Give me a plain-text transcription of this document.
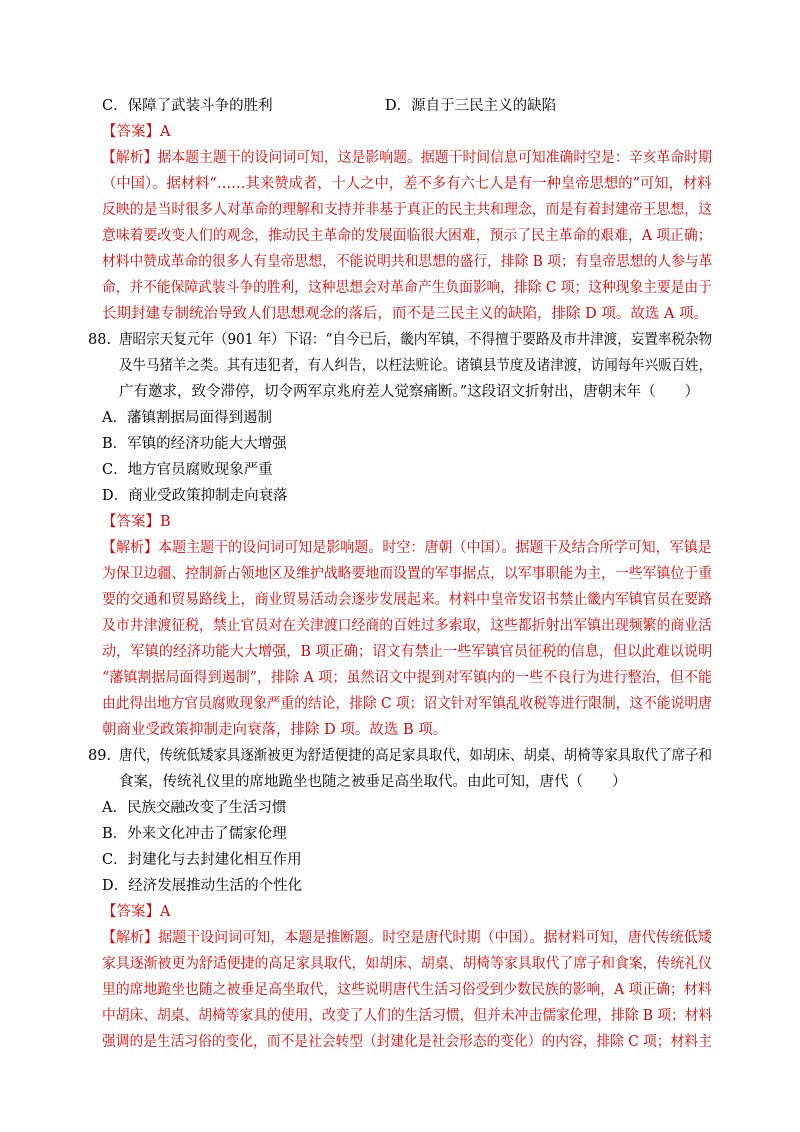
C．保障了武装斗争的胜利	D．源自于三民主义的缺陷
【答案】A
【解析】据本题主题干的设问词可知，这是影响题。据题干时间信息可知准确时空是：辛亥革命时期
（中国）。据材料“……其来赞成者，十人之中，差不多有六七人是有一种皇帝思想的”可知，材料
反映的是当时很多人对革命的理解和支持并非基于真正的民主共和理念，而是有着封建帝王思想，这
意味着要改变人们的观念，推动民主革命的发展面临很大困难，预示了民主革命的艰难，A 项正确；
材料中赞成革命的很多人有皇帝思想，不能说明共和思想的盛行，排除 B 项；有皇帝思想的人参与革
命，并不能保障武装斗争的胜利，这种思想会对革命产生负面影响，排除 C 项；这种现象主要是由于
长期封建专制统治导致人们思想观念的落后，而不是三民主义的缺陷，排除 D 项。故选 A 项。
88. 唐昭宗天复元年（901 年）下诏：“自今已后，畿内军镇，不得擅于要路及市井津渡，妄置率税杂物
及牛马猪羊之类。其有违犯者，有人纠告，以枉法赃论。诸镇县节度及诸津渡，访闻每年兴贩百姓，
广有邀求，致令滞停，切令两军京兆府差人觉察痛断。”这段诏文折射出，唐朝末年（　　）
A．藩镇割据局面得到遏制
B．军镇的经济功能大大增强
C．地方官员腐败现象严重
D．商业受政策抑制走向衰落
【答案】B
【解析】本题主题干的设问词可知是影响题。时空：唐朝（中国）。据题干及结合所学可知，军镇是
为保卫边疆、控制新占领地区及维护战略要地而设置的军事据点，以军事职能为主，一些军镇位于重
要的交通和贸易路线上，商业贸易活动会逐步发展起来。材料中皇帝发诏书禁止畿内军镇官员在要路
及市井津渡征税，禁止官员对在关津渡口经商的百姓过多索取，这些都折射出军镇出现频繁的商业活
动，军镇的经济功能大大增强，B 项正确；诏文有禁止一些军镇官员征税的信息，但以此难以说明
“藩镇割据局面得到遏制”，排除 A 项；虽然诏文中提到对军镇内的一些不良行为进行整治，但不能
由此得出地方官员腐败现象严重的结论，排除 C 项；诏文针对军镇乱收税等进行限制，这不能说明唐
朝商业受政策抑制走向衰落，排除 D 项。故选 B 项。
89. 唐代，传统低矮家具逐渐被更为舒适便捷的高足家具取代，如胡床、胡桌、胡椅等家具取代了席子和
食案，传统礼仪里的席地跪坐也随之被垂足高坐取代。由此可知，唐代（　　）
A．民族交融改变了生活习惯
B．外来文化冲击了儒家伦理
C．封建化与去封建化相互作用
D．经济发展推动生活的个性化
【答案】A
【解析】据题干设问词可知，本题是推断题。时空是唐代时期（中国）。据材料可知，唐代传统低矮
家具逐渐被更为舒适便捷的高足家具取代，如胡床、胡桌、胡椅等家具取代了席子和食案，传统礼仪
里的席地跪坐也随之被垂足高坐取代，这些说明唐代生活习俗受到少数民族的影响，A 项正确；材料
中胡床、胡桌、胡椅等家具的使用，改变了人们的生活习惯，但并未冲击儒家伦理，排除 B 项；材料
强调的是生活习俗的变化，而不是社会转型（封建化是社会形态的变化）的内容，排除 C 项；材料主
